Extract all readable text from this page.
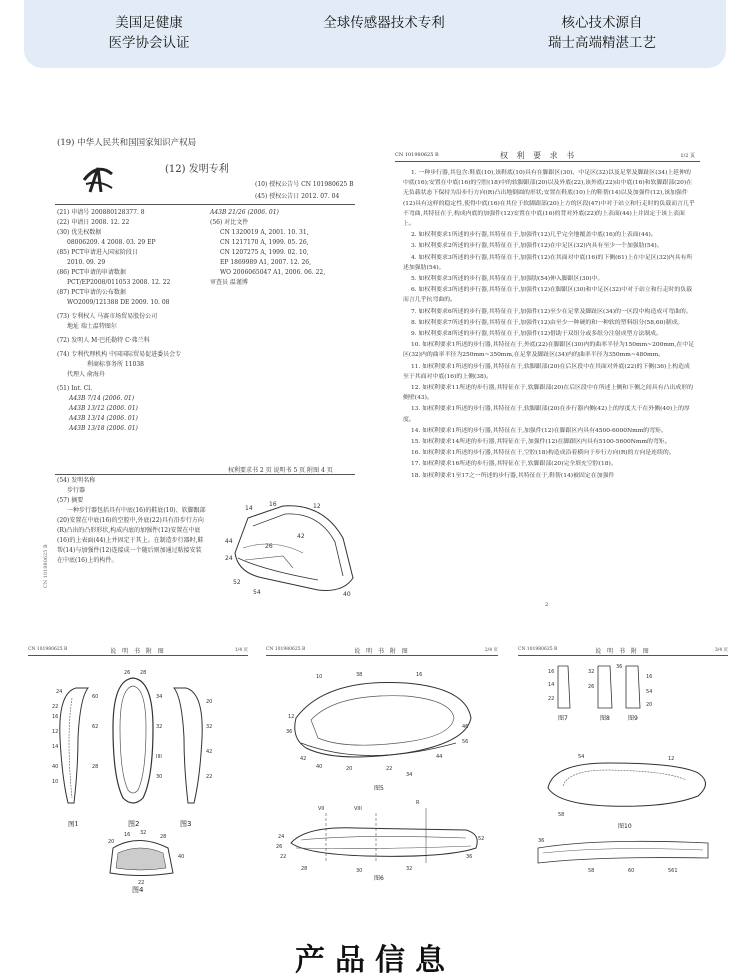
美国足健康
医学协会认证
全球传感器技术专利	核心技术源自
瑞士高端精湛工艺
(19) 中华人民共和国国家知识产权局
(12) 发明专利
(10) 授权公告号 CN 101980625 B
(45) 授权公告日 2012. 07. 04
(21) 申请号 200880128377. 8
(22) 申请日 2008. 12. 22
(30) 优先权数据
08006209. 4 2008. 03. 29 EP
(85) PCT申请进入国家阶段日
2010. 09. 29
(86) PCT申请的申请数据
PCT/EP2008/011053 2008. 12. 22
(87) PCT申请的公布数据
WO2009/121388 DE 2009. 10. 08
(73) 专利权人 马赛市场贸易股份公司
地址 瑞士温特图尔
(72) 发明人 M·巴托勒特 C·弗兰科
(74) 专利代理机构 中国国际贸易促进委员会专
利商标事务所 11038
代理人 俞海舟
(51) Int. Cl.
A43B 7/14 (2006. 01)
A43B 13/12 (2006. 01)
A43B 13/14 (2006. 01)
A43B 13/18 (2006. 01)
A43B 21/26 (2006. 01)
(56) 对比文件
CN 1320019 A, 2001. 10. 31,
CN 1217170 A, 1999. 05. 26,
CN 1207275 A, 1999. 02. 10,
EP 1869989 A1, 2007. 12. 26,
WO 2006065047 A1, 2006. 06. 22,
审查员 温谨博
权利要求书 2 页 说明书 5 页 附图 4 页
(54) 发明名称
步行器
(57) 摘要
一种步行器包括具有中底(16)的鞋底(10)、软脚跟部(20)安置在中底(16)的空腔中,外底(22)具有沿步行方向(R)凸出的凸形形状,构成内底的加强件(12)安置在中底(16)的上表面(44)上并固定于其上。在制造步行器时,鞋帮(14)与加强件(12)连接成一个随后则加通过粘接安装在中底(16)上的构件。
14
16	12
44
42
24
52
54	40
26
CN 101980625 B
CN 101980625 B	权 利 要 求 书	1/2 页

1. 一种步行器,其包含:鞋底(10),该鞋底(10)具有在脚跟区(30)、中足区(32)以及足掌及脚趾区(34)上延伸的中底(16);安置在中底(16)的空腔(18)中的软脚跟部(20)以及外底(22),该外底(22)由中底(16)和软脚跟部(20)在无负载状态下保持为沿步行方向(R)凸出地倒圆的形状;安置在鞋底(10)上的鞋帮(14)以及加强件(12),该加强件(12)具有这样的稳定性,使得中底(16)在其位于软脚跟部(20)上方的区段(47)中对于站立和行走时的负载而言几乎不弯曲,其特征在于,构成内底的加强件(12)安置在中底(16)的背对外底(22)的上表面(44)上并固定于该上表面上。

2. 如权利要求1所述的步行器,其特征在于,加强件(12)几乎完全地覆盖中底(16)的上表面(44)。

3. 如权利要求2所述的步行器,其特征在于,加强件(12)在中足区(32)内具有至少一个加强肋(54)。

4. 如权利要求3所述的步行器,其特征在于,加强件(12)在其面对中底(16)的下侧(61)上在中足区(32)内具有所述加强肋(54)。

5. 如权利要求3所述的步行器,其特征在于,加强肋(54)伸入脚跟区(30)中。

6. 如权利要求3所述的步行器,其特征在于,加强件(12)在脚跟区(30)和中足区(32)中对于站立和行走时的负载而言几乎抗弯曲的。

7. 如权利要求6所述的步行器,其特征在于,加强件(12)至少在足掌及脚趾区(34)的一区段中构造成可弯曲的。

8. 如权利要求7所述的步行器,其特征在于,加强件(12)由至少一种硬的和一种软的塑料组分(58,60)制成。

9. 如权利要求8所述的步行器,其特征在于,加强件(12)借助于双组分或多组分注射成型方法制成。

10. 如权利要求1所述的步行器,其特征在于,外底(22)在脚跟区(30)内的曲率半径为150mm~200mm,在中足区(32)内的曲率半径为250mm~350mm,在足掌及脚趾区(34)内的曲率半径为350mm~480mm。

11. 如权利要求1所述的步行器,其特征在于,软脚跟部(20)在后区段中在其面对外底(22)的下侧(36)上构造成至于其面对中底(16)的上侧(38)。

12. 如权利要求11所述的步行器,其特征在于,软脚跟部(20)在后区段中在所述上侧和下侧之间具有凸出成形的侧壁(43)。

13. 如权利要求1所述的步行器,其特征在于,软脚跟部(20)在步行器内侧(42)上的厚度大于在外侧(40)上的厚度。

14. 如权利要求1所述的步行器,其特征在于,加强件(12)在脚跟区内具有4500-6000Nmm的弯矩。

15. 如权利要求14所述的步行器,其特征在于,加强件(12)在脚跟区内具有5100-5600Nmm的弯矩。

16. 如权利要求1所述的步行器,其特征在于,空腔(18)构造成沿着横向于步行方向(R)的方向是连续的。

17. 如权利要求16所述的步行器,其特征在于,软脚跟部(20)完全填充空腔(18)。

18. 如权利要求1至17之一所述的步行器,其特征在于,鞋帮(14)被固定在加强件

2
CN 101980625 B	说 明 书 附 图	1/4 页
24
22
16
12
14
40
10
60
62
28
26 28
34
32
IIII
30
20
32
42
22
图1	图2	图3
20
16 32
28
40
22
图4
CN 101980625 B	说 明 书 附 图	2/4 页
10	38	16
12
36
42
40	20
44
46
56
22
34
图5
VII	VIII
R
24
26
22
28	30	32
36
52
图6
CN 101980625 B	说 明 书 附 图	3/4 页
16
14
22
32
26
36
16
54
20
图7	图8	图9
54	12
58
图10
36
58	60	561
产品信息
